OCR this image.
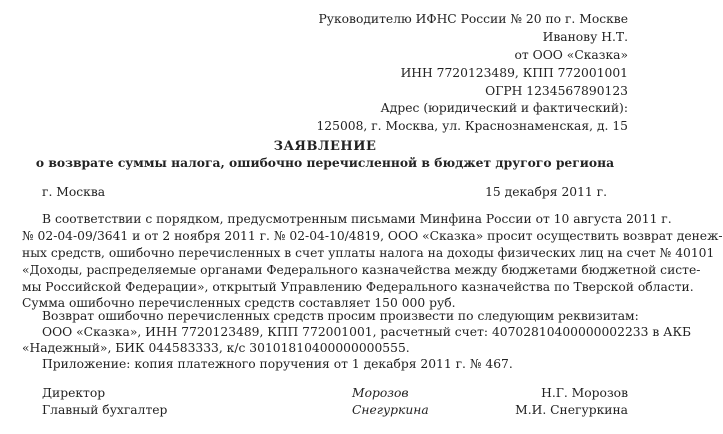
Руководителю ИФНС России № 20 по г. Москве
Иванову Н.Т.
от ООО «Сказка»
ИНН 7720123489, КПП 772001001
ОГРН 1234567890123
Адрес (юридический и фактический):
125008, г. Москва, ул. Краснознаменская, д. 15
ЗАЯВЛЕНИЕ
о возврате суммы налога, ошибочно перечисленной в бюджет другого региона
г. Москва	15 декабря 2011 г.
В соответствии с порядком, предусмотренным письмами Минфина России от 10 августа 2011 г.
№ 02-04-09/3641 и от 2 ноября 2011 г. № 02-04-10/4819, ООО «Сказка» просит осуществить возврат денеж-
ных средств, ошибочно перечисленных в счет уплаты налога на доходы физических лиц на счет № 40101
«Доходы, распределяемые органами Федерального казначейства между бюджетами бюджетной систе-
мы Российской Федерации», открытый Управлению Федерального казначейства по Тверской области.
Сумма ошибочно перечисленных средств составляет 150 000 руб.
Возврат ошибочно перечисленных средств просим произвести по следующим реквизитам:
ООО «Сказка», ИНН 7720123489, КПП 772001001, расчетный счет: 40702810400000002233 в АКБ
«Надежный», БИК 044583333, к/с 30101810400000000555.
Приложение: копия платежного поручения от 1 декабря 2011 г. № 467.
Директор	Морозов	Н.Г. Морозов
Главный бухгалтер	Снегуркина	М.И. Снегуркина
